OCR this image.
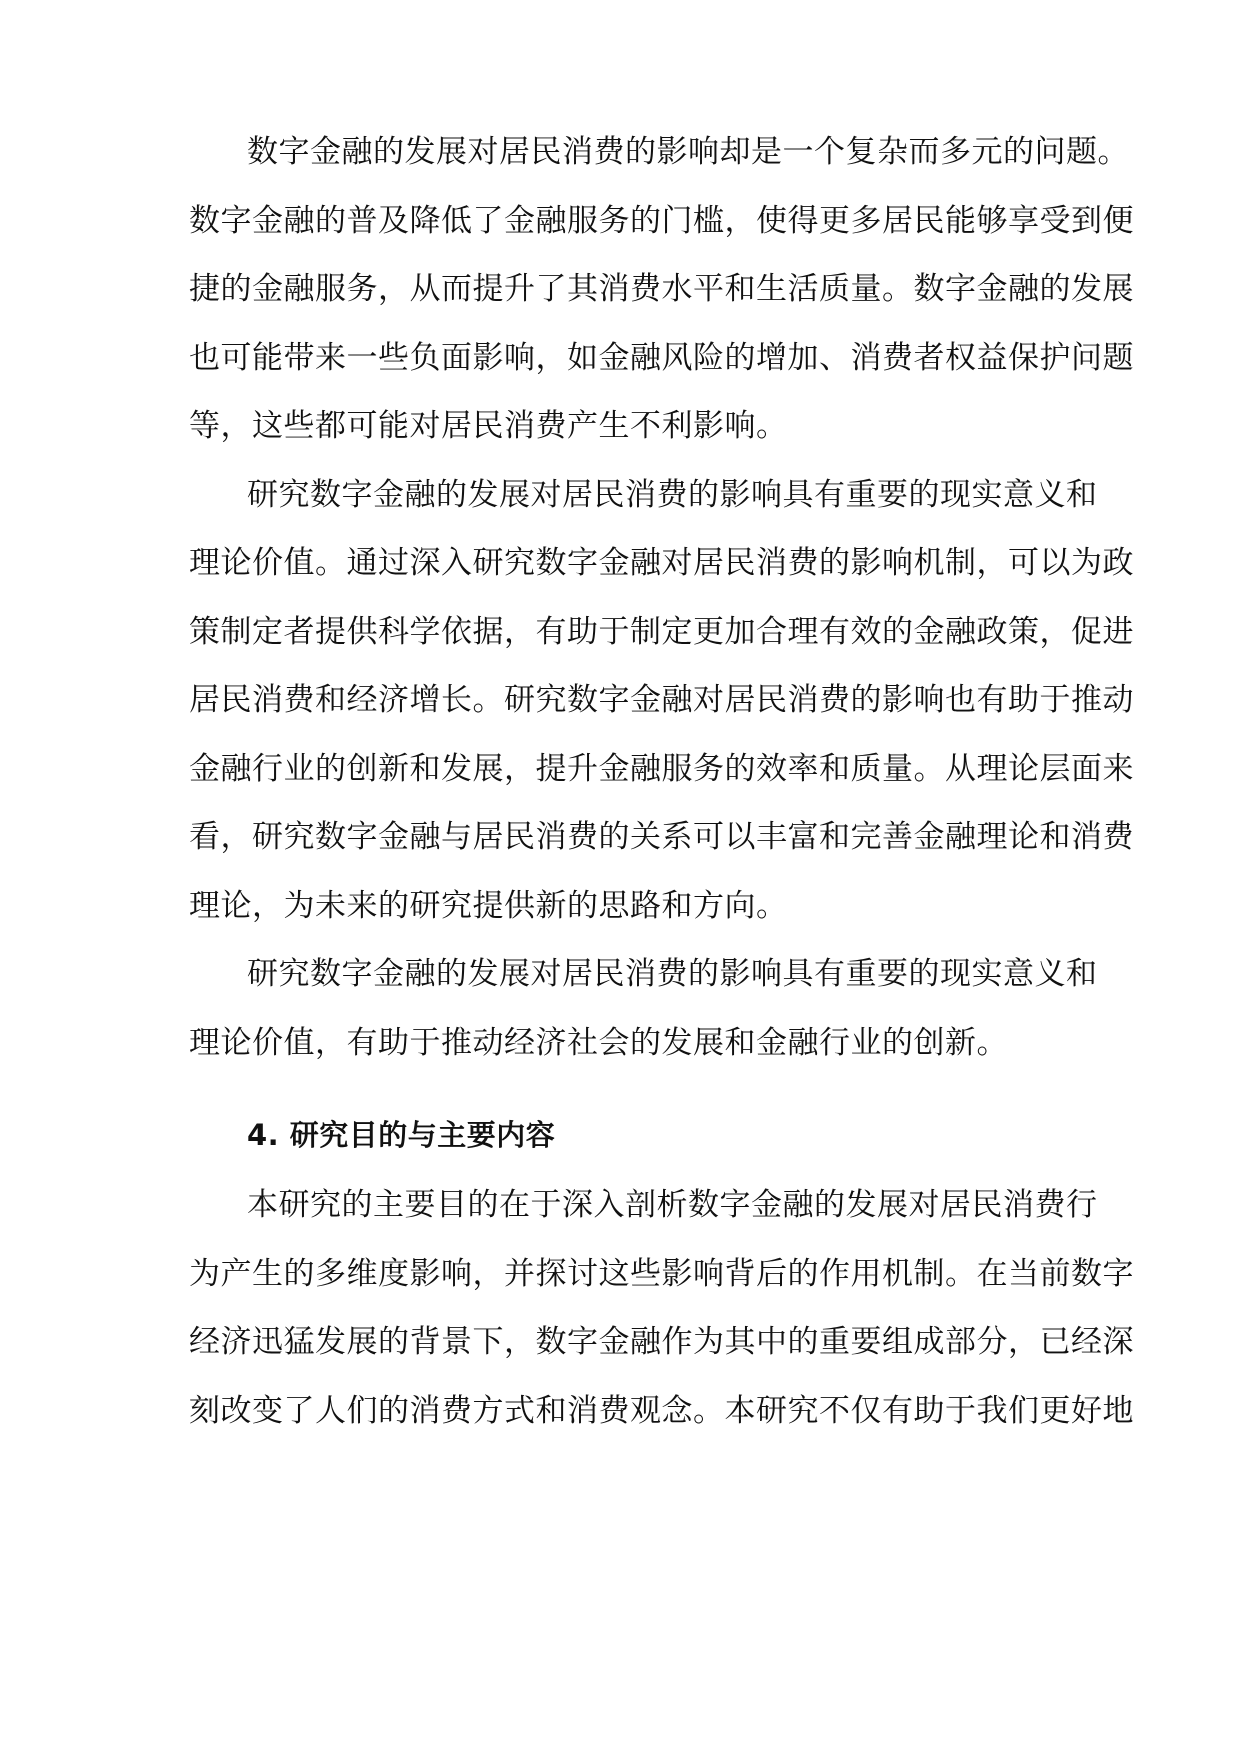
数字金融的发展对居民消费的影响却是一个复杂而多元的问题。
数字金融的普及降低了金融服务的门槛，使得更多居民能够享受到便
捷的金融服务，从而提升了其消费水平和生活质量。数字金融的发展
也可能带来一些负面影响，如金融风险的增加、消费者权益保护问题
等，这些都可能对居民消费产生不利影响。
研究数字金融的发展对居民消费的影响具有重要的现实意义和
理论价值。通过深入研究数字金融对居民消费的影响机制，可以为政
策制定者提供科学依据，有助于制定更加合理有效的金融政策，促进
居民消费和经济增长。研究数字金融对居民消费的影响也有助于推动
金融行业的创新和发展，提升金融服务的效率和质量。从理论层面来
看，研究数字金融与居民消费的关系可以丰富和完善金融理论和消费
理论，为未来的研究提供新的思路和方向。
研究数字金融的发展对居民消费的影响具有重要的现实意义和
理论价值，有助于推动经济社会的发展和金融行业的创新。
4. 研究目的与主要内容
本研究的主要目的在于深入剖析数字金融的发展对居民消费行
为产生的多维度影响，并探讨这些影响背后的作用机制。在当前数字
经济迅猛发展的背景下，数字金融作为其中的重要组成部分，已经深
刻改变了人们的消费方式和消费观念。本研究不仅有助于我们更好地
